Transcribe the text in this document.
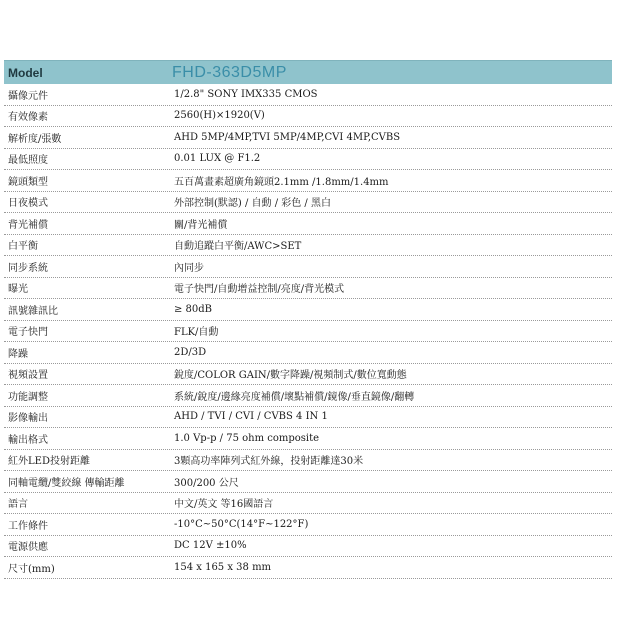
Model	FHD-363D5MP
攝像元件	1/2.8" SONY IMX335 CMOS
有效像素	2560(H)×1920(V)
解析度/張數	AHD 5MP/4MP,TVI 5MP/4MP,CVI 4MP,CVBS
最低照度	0.01 LUX @ F1.2
鏡頭類型	五百萬畫素超廣角鏡頭2.1mm /1.8mm/1.4mm
日夜模式	外部控制(默認) / 自動 / 彩色 / 黑白
背光補償	關/背光補償
白平衡	自動追蹤白平衡/AWC>SET
同步系統	內同步
曝光	電子快門/自動增益控制/亮度/背光模式
訊號雜訊比	≥ 80dB
電子快門	FLK/自動
降躁	2D/3D
視頻設置	銳度/COLOR GAIN/數字降躁/視頻制式/數位寬動態
功能調整	系統/銳度/邊緣亮度補償/壞點補償/鏡像/垂直鏡像/翻轉
影像輸出	AHD / TVI / CVI / CVBS 4 IN 1
輸出格式	1.0 Vp-p / 75 ohm composite
紅外LED投射距離	3顆高功率陣列式紅外線，投射距離達30米
同軸電纜/雙絞線 傳輸距離	300/200 公尺
語言	中文/英文 等16國語言
工作條件	-10°C~50°C(14°F~122°F)
電源供應	DC 12V ±10%
尺寸(mm)	154 x 165 x 38 mm
